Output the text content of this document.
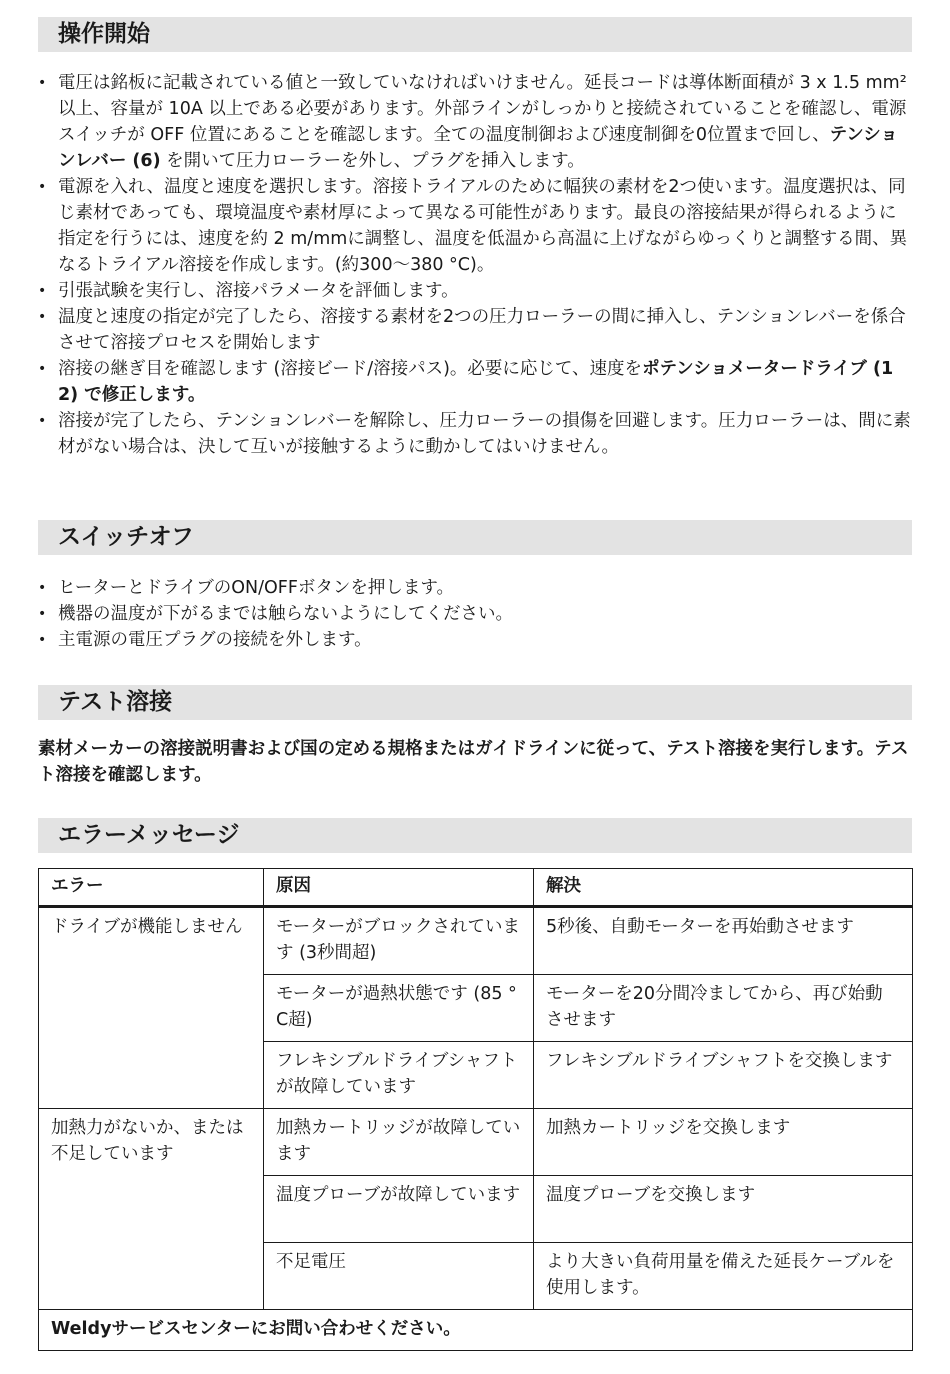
操作開始
• 電圧は銘板に記載されている値と一致していなければいけません。延長コードは導体断面積が 3 x 1.5 mm² 以上、容量が 10A 以上である必要があります。外部ラインがしっかりと接続されていることを確認し、電源スイッチが OFF 位置にあることを確認します。全ての温度制御および速度制御を0位置まで回し、テンションレバー (6) を開いて圧力ローラーを外し、プラグを挿入します。
• 電源を入れ、温度と速度を選択します。溶接トライアルのために幅狭の素材を2つ使います。温度選択は、同じ素材であっても、環境温度や素材厚によって異なる可能性があります。最良の溶接結果が得られるように指定を行うには、速度を約 2 m/mmに調整し、温度を低温から高温に上げながらゆっくりと調整する間、異なるトライアル溶接を作成します。(約300～380 °C)。
• 引張試験を実行し、溶接パラメータを評価します。
• 温度と速度の指定が完了したら、溶接する素材を2つの圧力ローラーの間に挿入し、テンションレバーを係合させて溶接プロセスを開始します
• 溶接の継ぎ目を確認します (溶接ビード/溶接パス)。必要に応じて、速度をポテンショメータードライブ (12) で修正します。
• 溶接が完了したら、テンションレバーを解除し、圧力ローラーの損傷を回避します。圧力ローラーは、間に素材がない場合は、決して互いが接触するように動かしてはいけません。
スイッチオフ
• ヒーターとドライブのON/OFFボタンを押します。
• 機器の温度が下がるまでは触らないようにしてください。
• 主電源の電圧プラグの接続を外します。
テスト溶接
素材メーカーの溶接説明書および国の定める規格またはガイドラインに従って、テスト溶接を実行します。テスト溶接を確認します。
エラーメッセージ
エラー	原因	解決
ドライブが機能しません	モーターがブロックされています (3秒間超)	5秒後、自動モーターを再始動させます
	モーターが過熱状態です (85 °C超)	モーターを20分間冷ましてから、再び始動させます
	フレキシブルドライブシャフトが故障しています	フレキシブルドライブシャフトを交換します
加熱力がないか、または不足しています	加熱カートリッジが故障しています	加熱カートリッジを交換します
	温度プローブが故障しています	温度プローブを交換します
	不足電圧	より大きい負荷用量を備えた延長ケーブルを使用します。
Weldyサービスセンターにお問い合わせください。		
